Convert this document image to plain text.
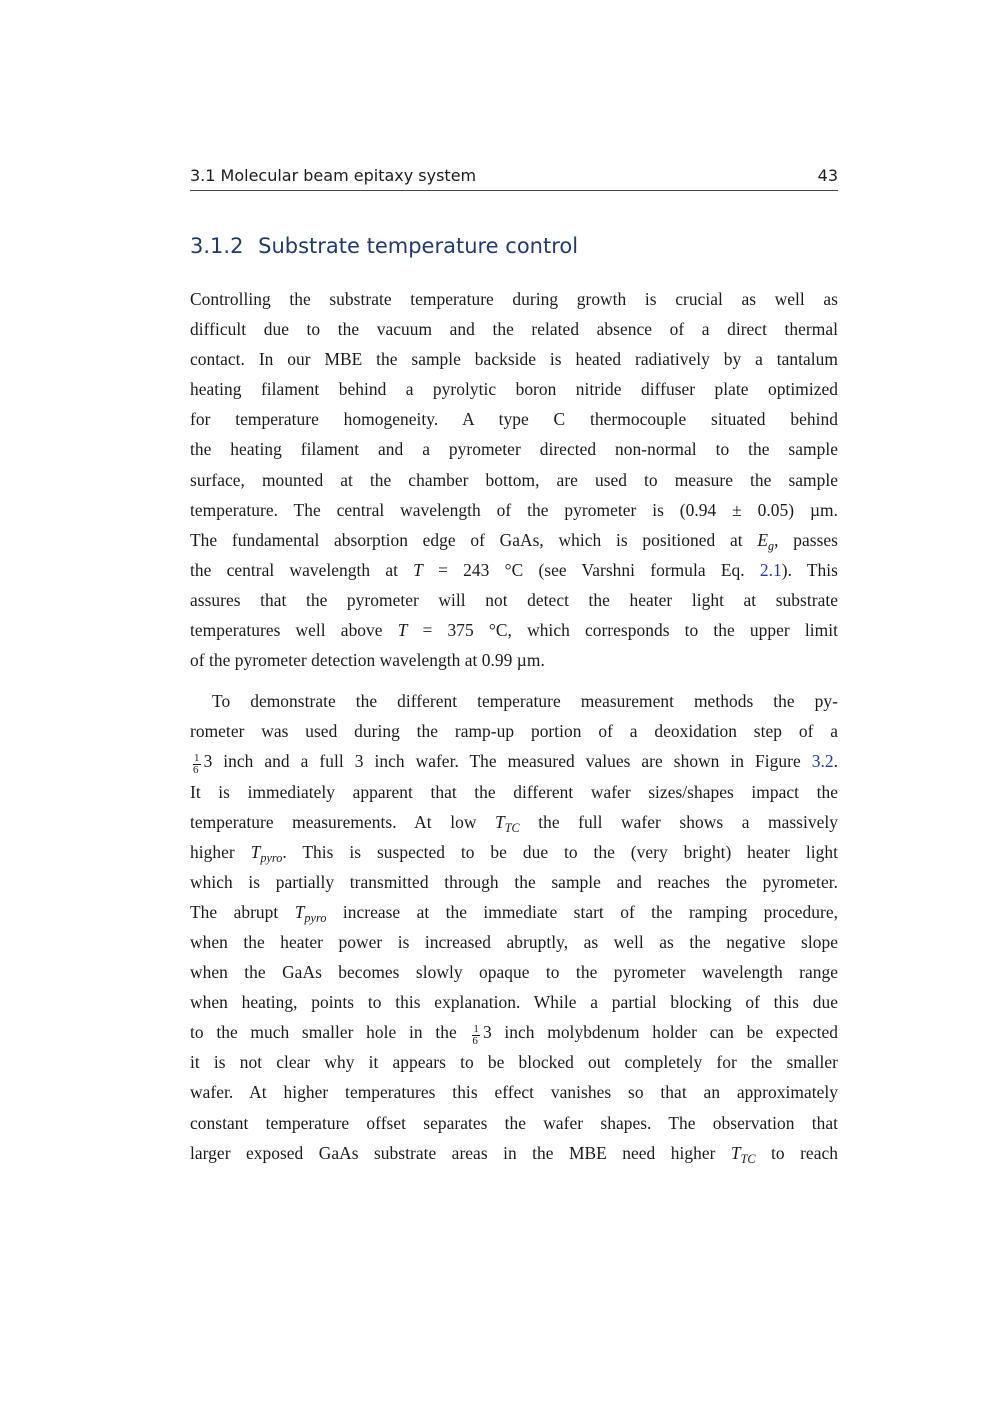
3.1 Molecular beam epitaxy system	43
3.1.2 Substrate temperature control

Controlling the substrate temperature during growth is crucial as well as
difficult due to the vacuum and the related absence of a direct thermal
contact. In our MBE the sample backside is heated radiatively by a tantalum
heating filament behind a pyrolytic boron nitride diffuser plate optimized
for temperature homogeneity. A type C thermocouple situated behind
the heating filament and a pyrometer directed non-normal to the sample
surface, mounted at the chamber bottom, are used to measure the sample
temperature. The central wavelength of the pyrometer is (0.94 ± 0.05) µm.
The fundamental absorption edge of GaAs, which is positioned at $E_g$, passes
the central wavelength at T = 243 °C (see Varshni formula Eq. 2.1). This
assures that the pyrometer will not detect the heater light at substrate
temperatures well above T = 375 °C, which corresponds to the upper limit
of the pyrometer detection wavelength at 0.99 µm.

To demonstrate the different temperature measurement methods the py-
rometer was used during the ramp-up portion of a deoxidation step of a
$\frac{1}{6} 3$ inch and a full 3 inch wafer. The measured values are shown in Figure 3.2.
It is immediately apparent that the different wafer sizes/shapes impact the
temperature measurements. At low $T_{TC}$ the full wafer shows a massively
higher $T_{pyro}$. This is suspected to be due to the (very bright) heater light
which is partially transmitted through the sample and reaches the pyrometer.
The abrupt $T_{pyro}$ increase at the immediate start of the ramping procedure,
when the heater power is increased abruptly, as well as the negative slope
when the GaAs becomes slowly opaque to the pyrometer wavelength range
when heating, points to this explanation. While a partial blocking of this due
to the much smaller hole in the $\frac{1}{6} 3$ inch molybdenum holder can be expected
it is not clear why it appears to be blocked out completely for the smaller
wafer. At higher temperatures this effect vanishes so that an approximately
constant temperature offset separates the wafer shapes. The observation that
larger exposed GaAs substrate areas in the MBE need higher $T_{TC}$ to reach
